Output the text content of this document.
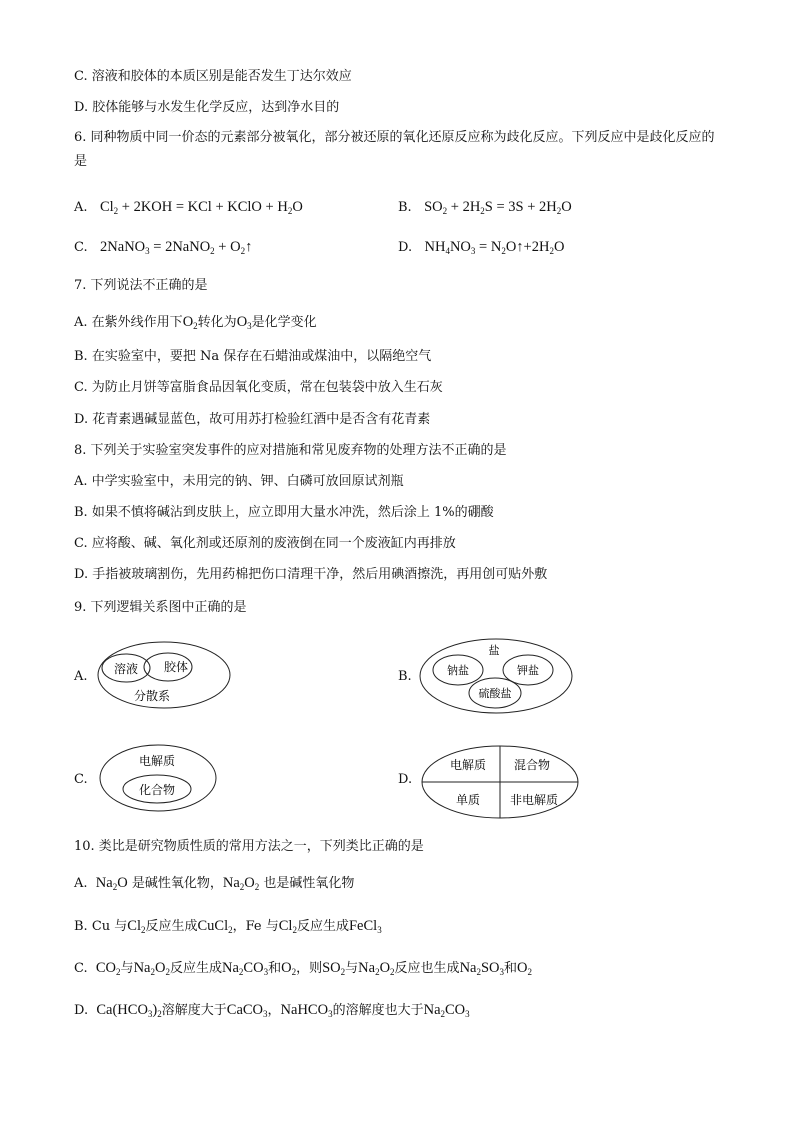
C. 溶液和胶体的本质区别是能否发生丁达尔效应
D. 胶体能够与水发生化学反应，达到净水目的
6. 同种物质中同一价态的元素部分被氧化，部分被还原的氧化还原反应称为歧化反应。下列反应中是歧化反应的是
A. $Cl_2 + 2KOH$ = KCl + KClO + $H_2O$	B. $SO_2 + 2H_2S = 3S + 2H_2O$
C. 2NaNO$_3$ = 2NaNO$_2$ + $O_2↑$	D. $NH_4NO_3$ = $N_2O↑+2H_2O$
7. 下列说法不正确的是
A. 在紫外线作用下$O_2$转化为$O_3$是化学变化
B. 在实验室中，要把 Na 保存在石蜡油或煤油中，以隔绝空气
C. 为防止月饼等富脂食品因氧化变质，常在包装袋中放入生石灰
D. 花青素遇碱显蓝色，故可用苏打检验红酒中是否含有花青素
8. 下列关于实验室突发事件的应对措施和常见废弃物的处理方法不正确的是
A. 中学实验室中，未用完的钠、钾、白磷可放回原试剂瓶
B. 如果不慎将碱沾到皮肤上，应立即用大量水冲洗，然后涂上 1%的硼酸
C. 应将酸、碱、氧化剂或还原剂的废液倒在同一个废液缸内再排放
D. 手指被玻璃割伤，先用药棉把伤口清理干净，然后用碘酒擦洗，再用创可贴外敷
9. 下列逻辑关系图中正确的是
A. 溶液 胶体
分散系
B.
盐
钠盐	钾盐
硫酸盐
C.
电解质
化合物
D.
电解质 混合物
单质 非电解质
10. 类比是研究物质性质的常用方法之一，下列类比正确的是
A. $Na_2O$ 是碱性氧化物，$Na_2O_2$ 也是碱性氧化物
B. Cu 与$Cl_2$反应生成CuCl$_2$，Fe 与$Cl_2$反应生成FeCl$_3$
C. $CO_2$与$Na_2O_2$反应生成$Na_2CO_3$和$O_2$，则$SO_2$与$Na_2O_2$反应也生成$Na_2SO_3$和$O_2$
D. $Ca(HCO_3)_2$溶解度大于CaCO$_3$，NaHCO$_3$的溶解度也大于$Na_2CO_3$
